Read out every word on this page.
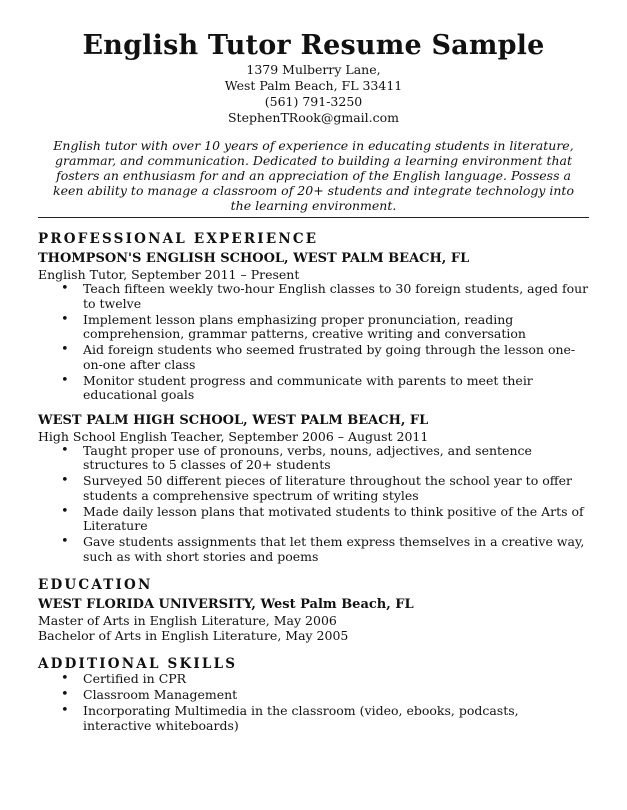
English Tutor Resume Sample
1379 Mulberry Lane,
West Palm Beach, FL 33411
(561) 791-3250
StephenTRook@gmail.com

English tutor with over 10 years of experience in educating students in literature, grammar, and communication. Dedicated to building a learning environment that fosters an enthusiasm for and an appreciation of the English language. Possess a keen ability to manage a classroom of 20+ students and integrate technology into the learning environment.

PROFESSIONAL EXPERIENCE
THOMPSON'S ENGLISH SCHOOL, WEST PALM BEACH, FL
English Tutor, September 2011 – Present
• Teach fifteen weekly two-hour English classes to 30 foreign students, aged four to twelve
• Implement lesson plans emphasizing proper pronunciation, reading comprehension, grammar patterns, creative writing and conversation
• Aid foreign students who seemed frustrated by going through the lesson one-on-one after class
• Monitor student progress and communicate with parents to meet their educational goals
WEST PALM HIGH SCHOOL, WEST PALM BEACH, FL
High School English Teacher, September 2006 – August 2011
• Taught proper use of pronouns, verbs, nouns, adjectives, and sentence structures to 5 classes of 20+ students
• Surveyed 50 different pieces of literature throughout the school year to offer students a comprehensive spectrum of writing styles
• Made daily lesson plans that motivated students to think positive of the Arts of Literature
• Gave students assignments that let them express themselves in a creative way, such as with short stories and poems
EDUCATION
WEST FLORIDA UNIVERSITY, West Palm Beach, FL
Master of Arts in English Literature, May 2006
Bachelor of Arts in English Literature, May 2005
ADDITIONAL SKILLS
• Certified in CPR
• Classroom Management
• Incorporating Multimedia in the classroom (video, ebooks, podcasts, interactive whiteboards)
